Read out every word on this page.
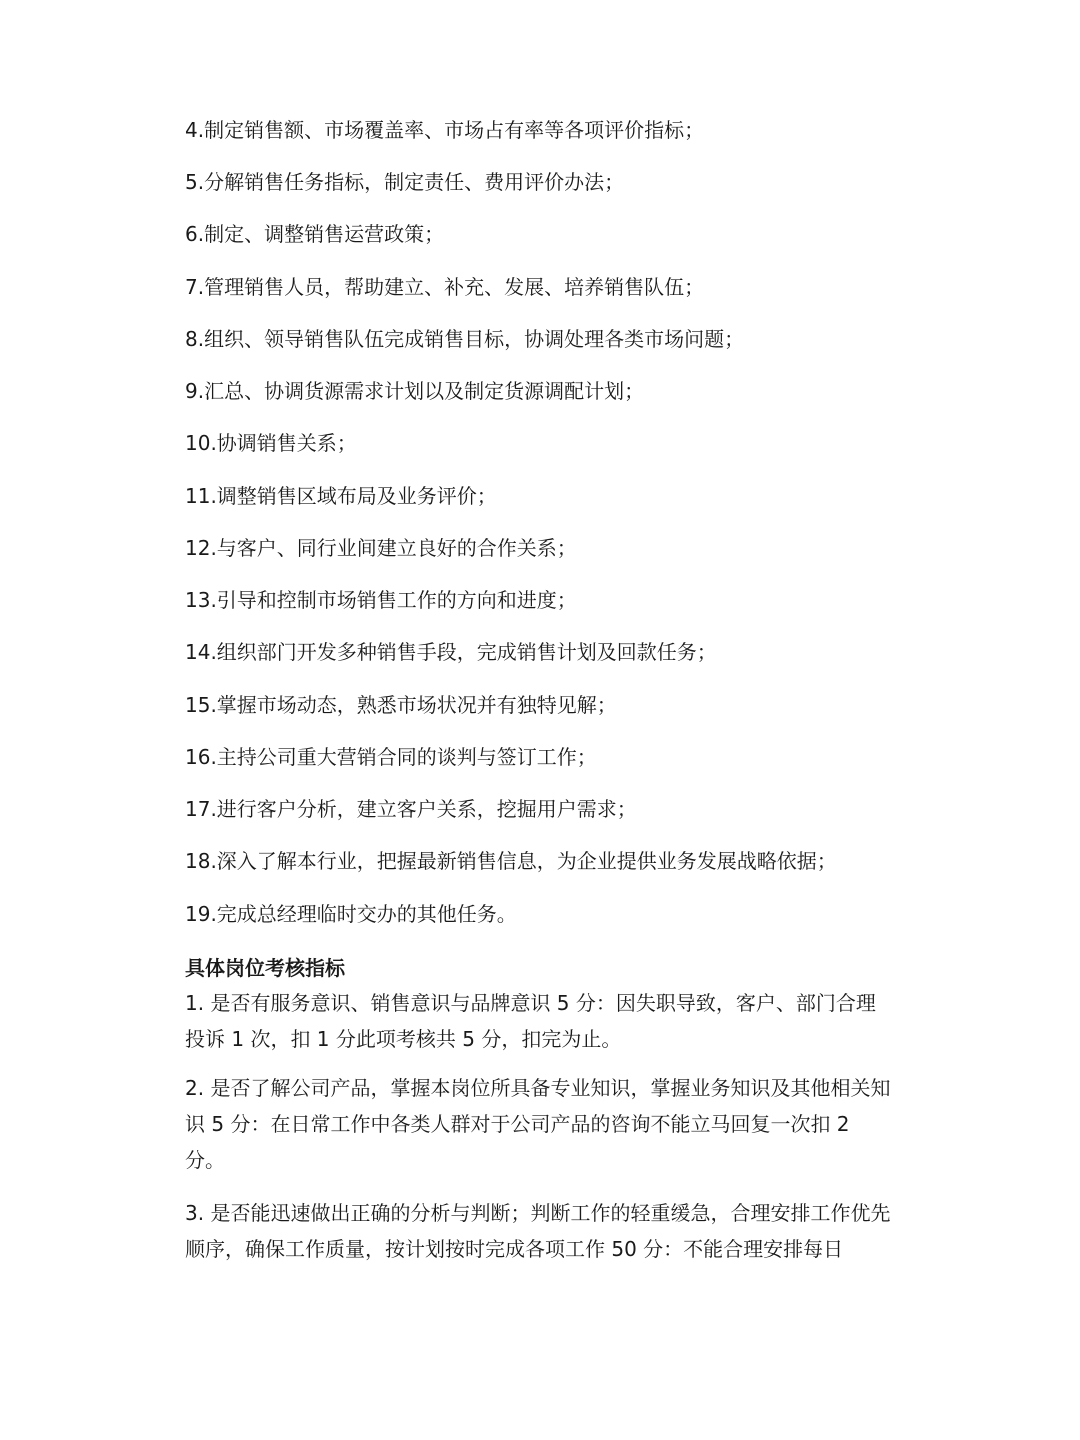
4.制定销售额、市场覆盖率、市场占有率等各项评价指标；
5.分解销售任务指标，制定责任、费用评价办法；
6.制定、调整销售运营政策；
7.管理销售人员，帮助建立、补充、发展、培养销售队伍；
8.组织、领导销售队伍完成销售目标，协调处理各类市场问题；
9.汇总、协调货源需求计划以及制定货源调配计划；
10.协调销售关系；
11.调整销售区域布局及业务评价；
12.与客户、同行业间建立良好的合作关系；
13.引导和控制市场销售工作的方向和进度；
14.组织部门开发多种销售手段，完成销售计划及回款任务；
15.掌握市场动态，熟悉市场状况并有独特见解；
16.主持公司重大营销合同的谈判与签订工作；
17.进行客户分析，建立客户关系，挖掘用户需求；
18.深入了解本行业，把握最新销售信息，为企业提供业务发展战略依据；
19.完成总经理临时交办的其他任务。
具体岗位考核指标
1. 是否有服务意识、销售意识与品牌意识 5 分：因失职导致，客户、部门合理投诉 1 次，扣 1 分此项考核共 5 分，扣完为止。
2. 是否了解公司产品，掌握本岗位所具备专业知识，掌握业务知识及其他相关知识 5 分：在日常工作中各类人群对于公司产品的咨询不能立马回复一次扣 2 分。
3. 是否能迅速做出正确的分析与判断；判断工作的轻重缓急，合理安排工作优先顺序，确保工作质量，按计划按时完成各项工作 50 分：不能合理安排每日
